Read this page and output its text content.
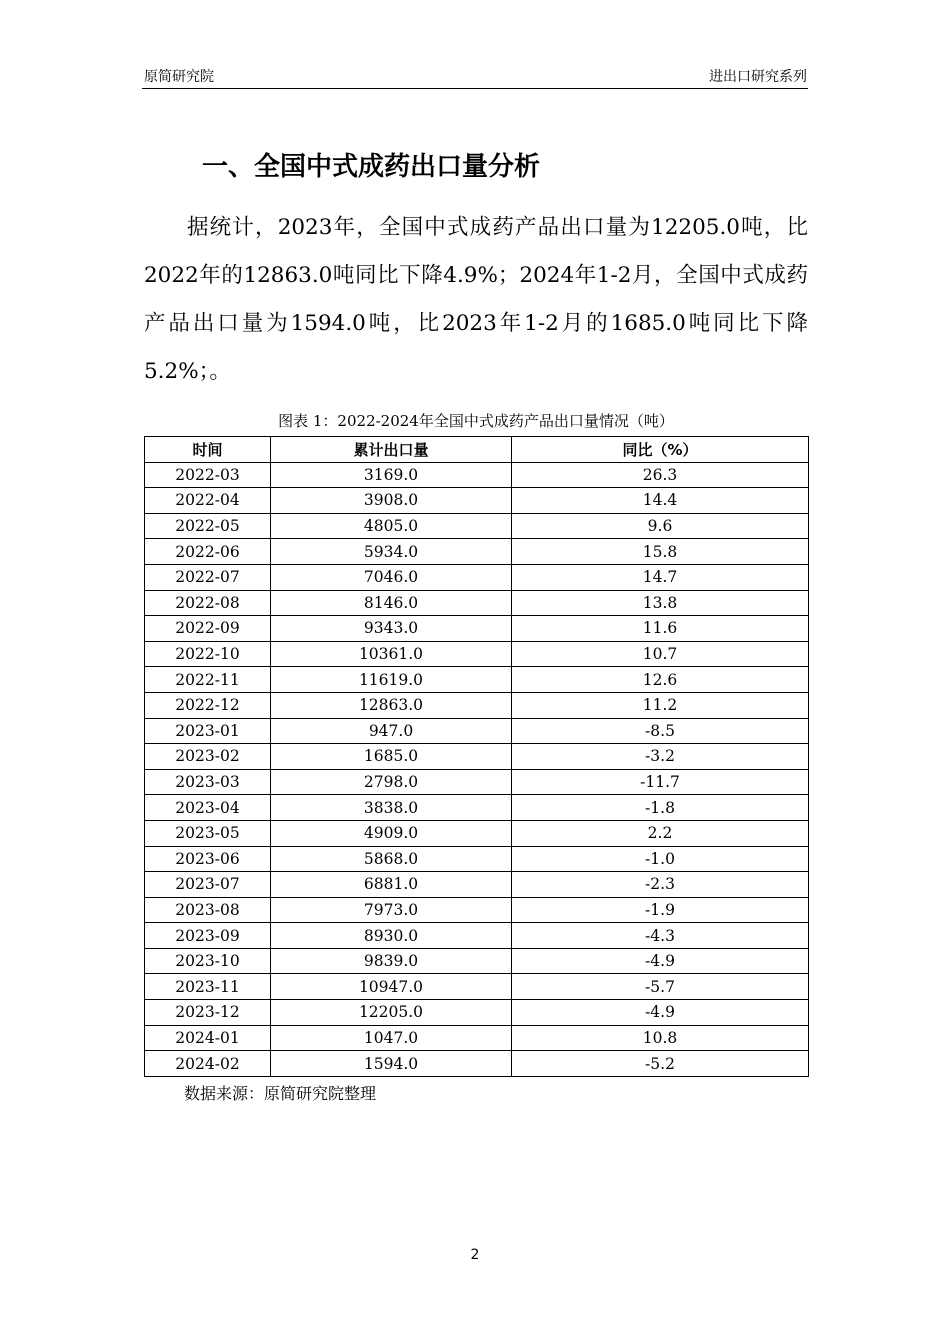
原简研究院	进出口研究系列
一、全国中式成药出口量分析

据统计，2023年，全国中式成药产品出口量为12205.0吨，比2022年的12863.0吨同比下降4.9%；2024年1-2月，全国中式成药产品出口量为1594.0吨，比2023年1-2月的1685.0吨同比下降5.2%；。

图表 1：2022-2024年全国中式成药产品出口量情况（吨）
时间	累计出口量	同比（%）
2022-03	3169.0	26.3
2022-04	3908.0	14.4
2022-05	4805.0	9.6
2022-06	5934.0	15.8
2022-07	7046.0	14.7
2022-08	8146.0	13.8
2022-09	9343.0	11.6
2022-10	10361.0	10.7
2022-11	11619.0	12.6
2022-12	12863.0	11.2
2023-01	947.0	-8.5
2023-02	1685.0	-3.2
2023-03	2798.0	-11.7
2023-04	3838.0	-1.8
2023-05	4909.0	2.2
2023-06	5868.0	-1.0
2023-07	6881.0	-2.3
2023-08	7973.0	-1.9
2023-09	8930.0	-4.3
2023-10	9839.0	-4.9
2023-11	10947.0	-5.7
2023-12	12205.0	-4.9
2024-01	1047.0	10.8
2024-02	1594.0	-5.2
数据来源：原简研究院整理
2
